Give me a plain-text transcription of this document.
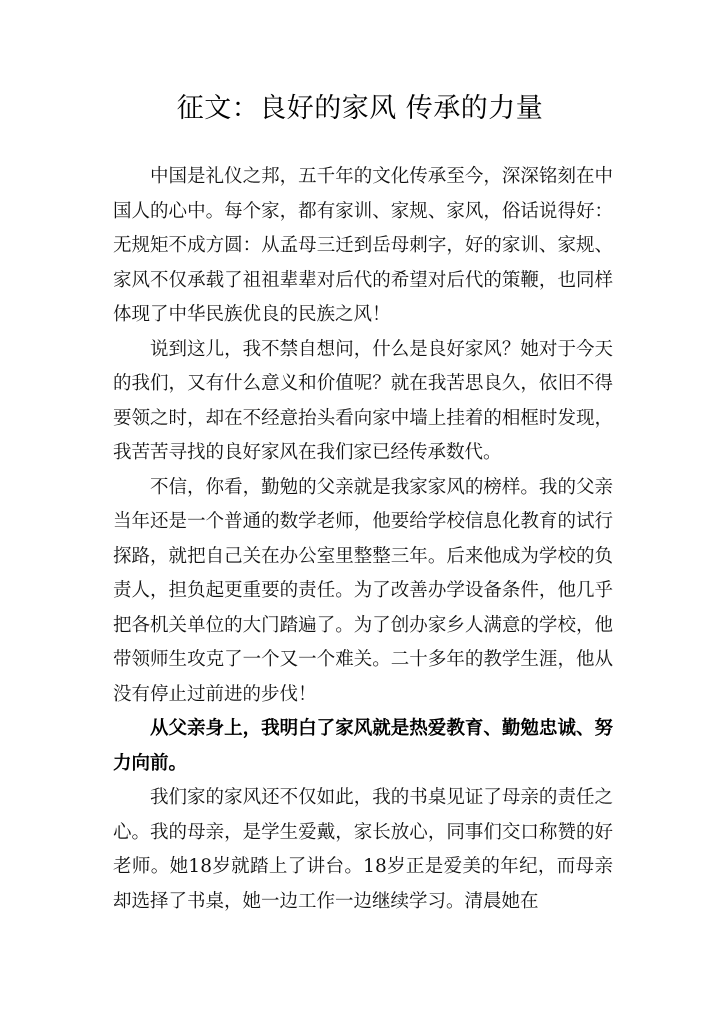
征文：良好的家风 传承的力量

中国是礼仪之邦，五千年的文化传承至今，深深铭刻在中国人的心中。每个家，都有家训、家规、家风，俗话说得好：无规矩不成方圆：从孟母三迁到岳母刺字，好的家训、家规、家风不仅承载了祖祖辈辈对后代的希望对后代的策鞭，也同样体现了中华民族优良的民族之风！

说到这儿，我不禁自想问，什么是良好家风？她对于今天的我们，又有什么意义和价值呢？就在我苦思良久，依旧不得要领之时，却在不经意抬头看向家中墙上挂着的相框时发现，我苦苦寻找的良好家风在我们家已经传承数代。

不信，你看，勤勉的父亲就是我家家风的榜样。我的父亲当年还是一个普通的数学老师，他要给学校信息化教育的试行探路，就把自己关在办公室里整整三年。后来他成为学校的负责人，担负起更重要的责任。为了改善办学设备条件，他几乎把各机关单位的大门踏遍了。为了创办家乡人满意的学校，他带领师生攻克了一个又一个难关。二十多年的教学生涯，他从没有停止过前进的步伐！

从父亲身上，我明白了家风就是热爱教育、勤勉忠诚、努力向前。

我们家的家风还不仅如此，我的书桌见证了母亲的责任之心。我的母亲，是学生爱戴，家长放心，同事们交口称赞的好老师。她18岁就踏上了讲台。18岁正是爱美的年纪，而母亲却选择了书桌，她一边工作一边继续学习。清晨她在
